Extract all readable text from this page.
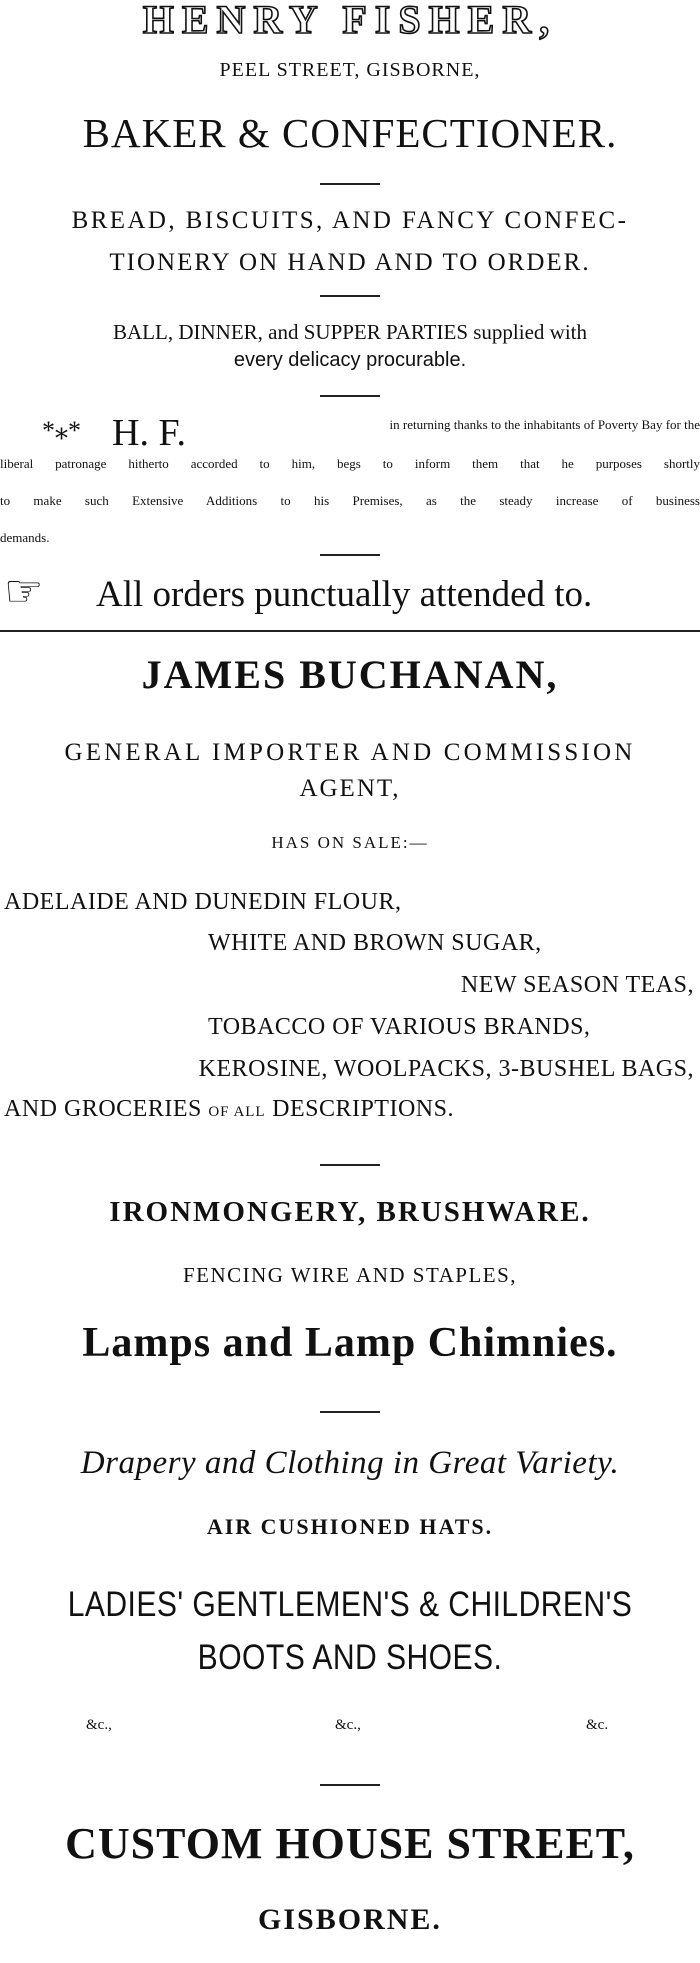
HENRY FISHER,
PEEL STREET, GISBORNE,
BAKER & CONFECTIONER.
BREAD, BISCUITS, AND FANCY CONFEC-
TIONERY ON HAND AND TO ORDER.
BALL, DINNER, and SUPPER PARTIES supplied with
every delicacy procurable.
*⁎* H. F.	in returning thanks to the inhabitants of Poverty Bay for the
liberal patronage hitherto accorded to him, begs to inform them that he purposes shortly
to make such Extensive Additions to his Premises, as the steady increase of business
demands.
☞	All orders punctually attended to.
JAMES BUCHANAN,
GENERAL IMPORTER AND COMMISSION
AGENT,
HAS ON SALE:—
ADELAIDE AND DUNEDIN FLOUR,
WHITE AND BROWN SUGAR,
NEW SEASON TEAS,
TOBACCO OF VARIOUS BRANDS,
KEROSINE, WOOLPACKS, 3-BUSHEL BAGS,
AND GROCERIES OF ALL DESCRIPTIONS.
IRONMONGERY, BRUSHWARE.
FENCING WIRE AND STAPLES,
Lamps and Lamp Chimnies.
Drapery and Clothing in Great Variety.
AIR CUSHIONED HATS.
LADIES' GENTLEMEN'S & CHILDREN'S
BOOTS AND SHOES.
&c.,	&c.,	&c.
CUSTOM HOUSE STREET,
GISBORNE.
